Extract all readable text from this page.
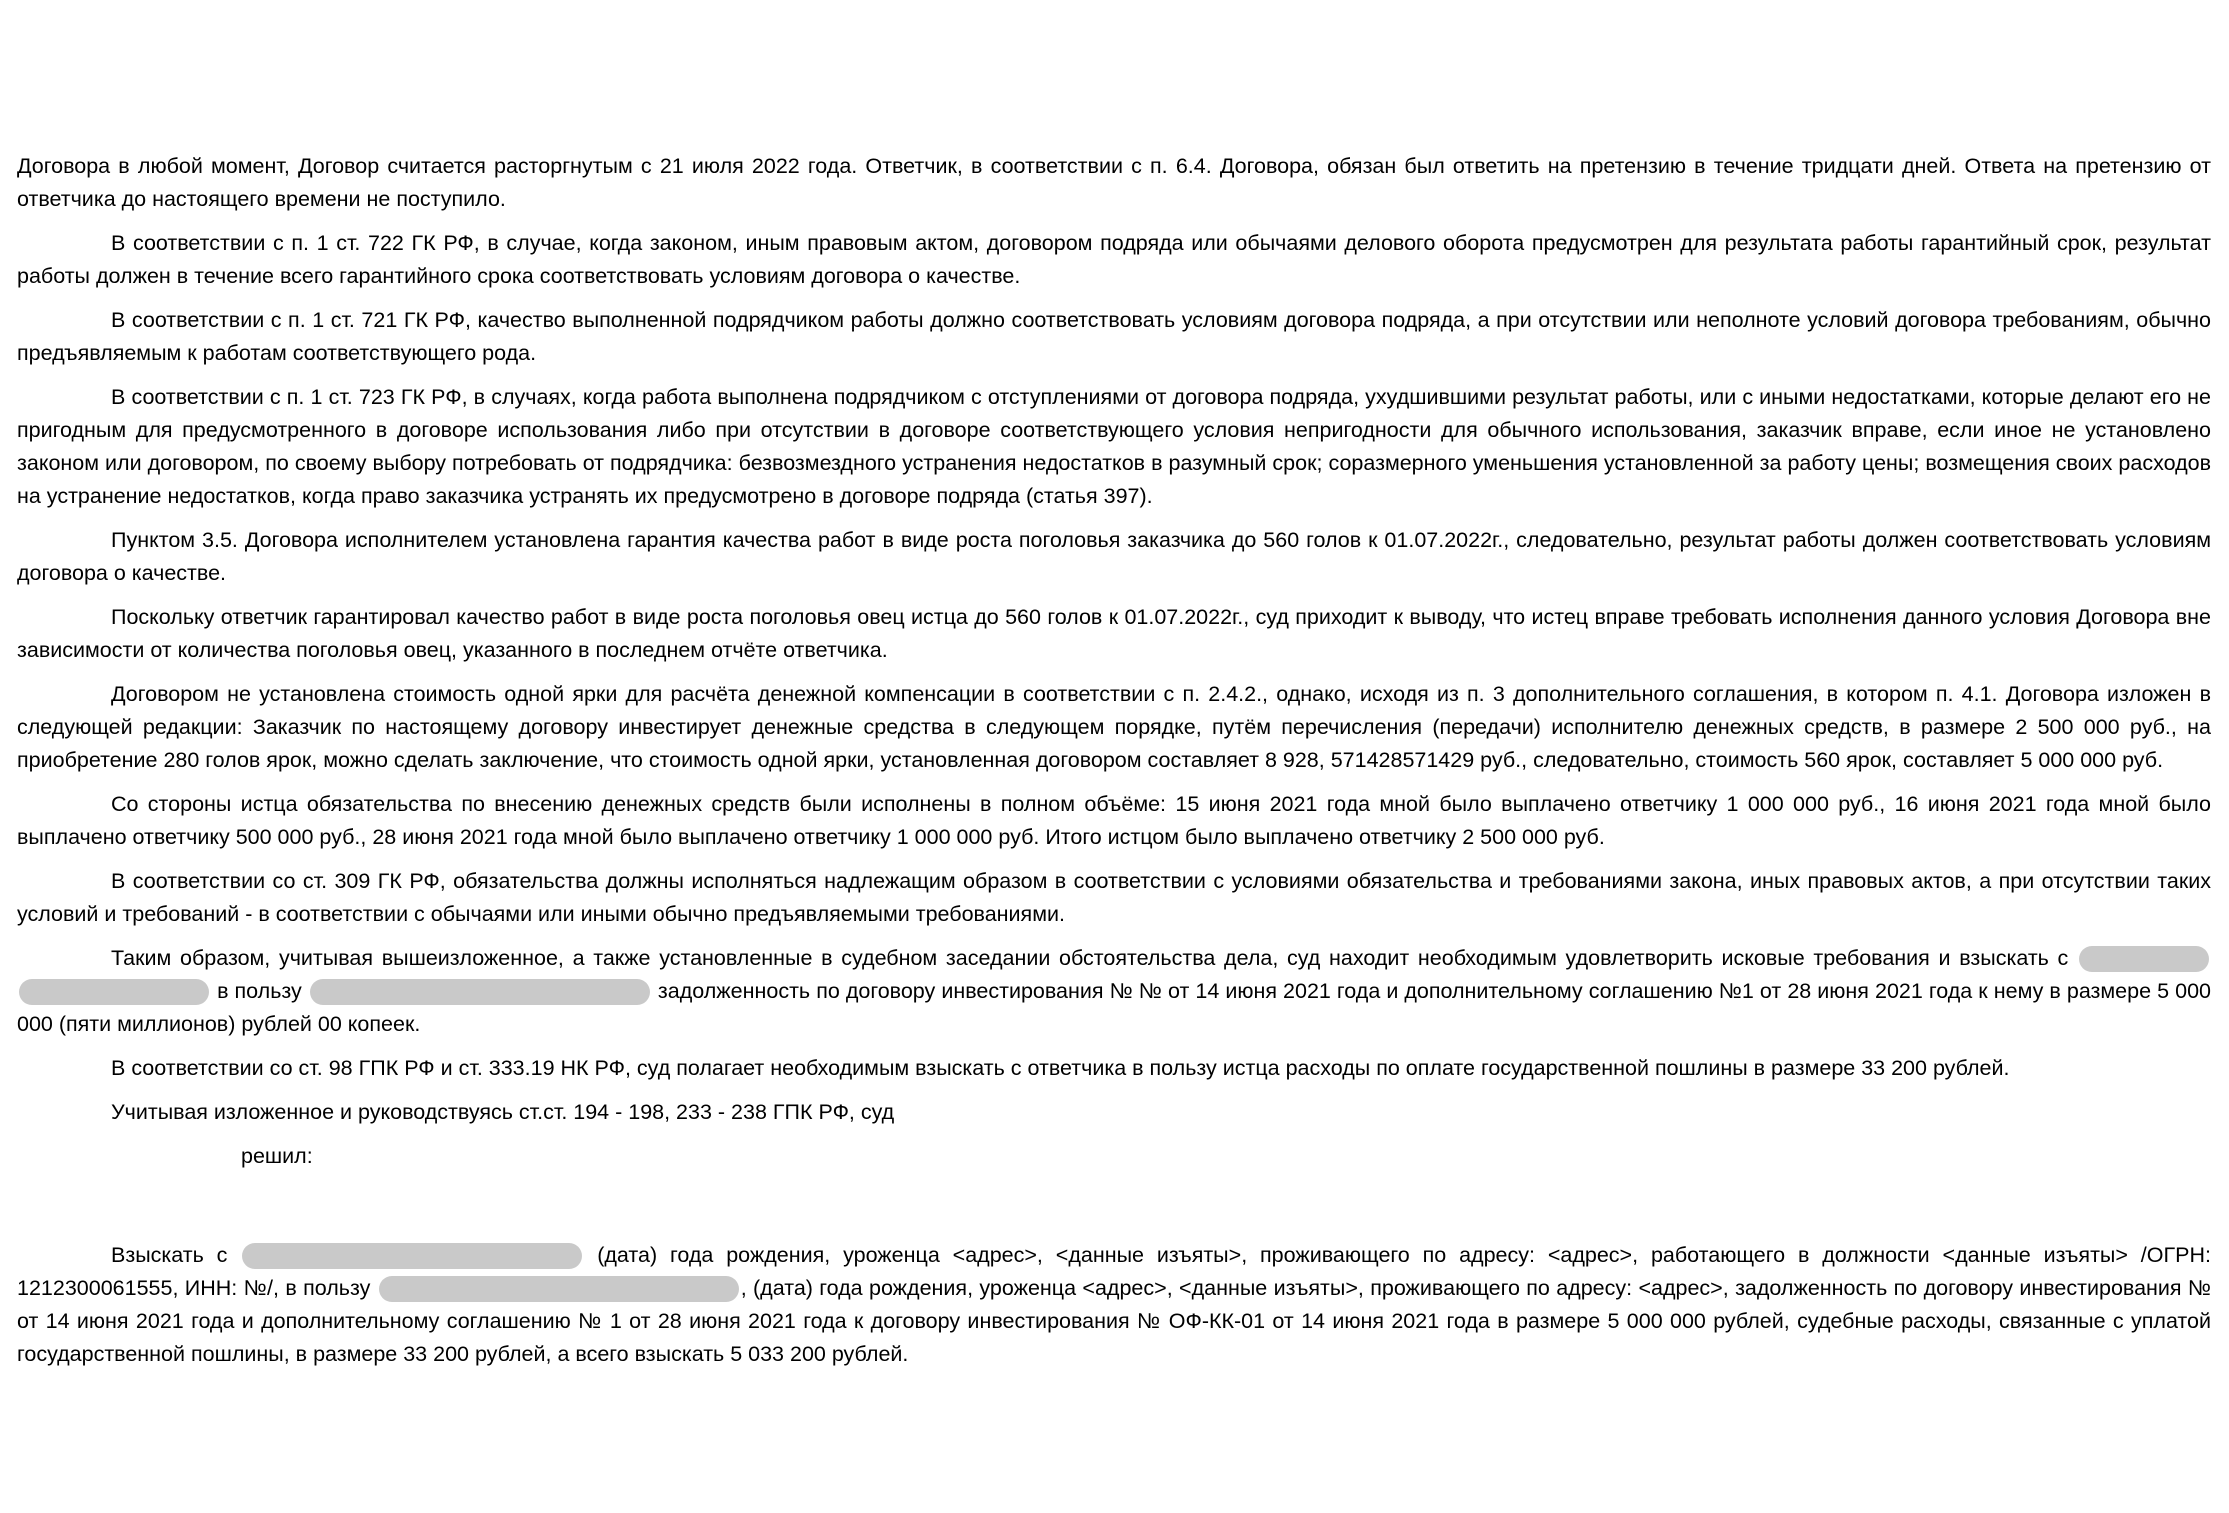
Договора в любой момент, Договор считается расторгнутым с 21 июля 2022 года. Ответчик, в соответствии с п. 6.4. Договора, обязан был ответить на претензию в течение тридцати дней. Ответа на претензию от ответчика до настоящего времени не поступило.

В соответствии с п. 1 ст. 722 ГК РФ, в случае, когда законом, иным правовым актом, договором подряда или обычаями делового оборота предусмотрен для результата работы гарантийный срок, результат работы должен в течение всего гарантийного срока соответствовать условиям договора о качестве.

В соответствии с п. 1 ст. 721 ГК РФ, качество выполненной подрядчиком работы должно соответствовать условиям договора подряда, а при отсутствии или неполноте условий договора требованиям, обычно предъявляемым к работам соответствующего рода.

В соответствии с п. 1 ст. 723 ГК РФ, в случаях, когда работа выполнена подрядчиком с отступлениями от договора подряда, ухудшившими результат работы, или с иными недостатками, которые делают его не пригодным для предусмотренного в договоре использования либо при отсутствии в договоре соответствующего условия непригодности для обычного использования, заказчик вправе, если иное не установлено законом или договором, по своему выбору потребовать от подрядчика: безвозмездного устранения недостатков в разумный срок; соразмерного уменьшения установленной за работу цены; возмещения своих расходов на устранение недостатков, когда право заказчика устранять их предусмотрено в договоре подряда (статья 397).

Пунктом 3.5. Договора исполнителем установлена гарантия качества работ в виде роста поголовья заказчика до 560 голов к 01.07.2022г., следовательно, результат работы должен соответствовать условиям договора о качестве.

Поскольку ответчик гарантировал качество работ в виде роста поголовья овец истца до 560 голов к 01.07.2022г., суд приходит к выводу, что истец вправе требовать исполнения данного условия Договора вне зависимости от количества поголовья овец, указанного в последнем отчёте ответчика.

Договором не установлена стоимость одной ярки для расчёта денежной компенсации в соответствии с п. 2.4.2., однако, исходя из п. 3 дополнительного соглашения, в котором п. 4.1. Договора изложен в следующей редакции: Заказчик по настоящему договору инвестирует денежные средства в следующем порядке, путём перечисления (передачи) исполнителю денежных средств, в размере 2 500 000 руб., на приобретение 280 голов ярок, можно сделать заключение, что стоимость одной ярки, установленная договором составляет 8 928, 571428571429 руб., следовательно, стоимость 560 ярок, составляет 5 000 000 руб.

Со стороны истца обязательства по внесению денежных средств были исполнены в полном объёме: 15 июня 2021 года мной было выплачено ответчику 1 000 000 руб., 16 июня 2021 года мной было выплачено ответчику 500 000 руб., 28 июня 2021 года мной было выплачено ответчику 1 000 000 руб. Итого истцом было выплачено ответчику 2 500 000 руб.

В соответствии со ст. 309 ГК РФ, обязательства должны исполняться надлежащим образом в соответствии с условиями обязательства и требованиями закона, иных правовых актов, а при отсутствии таких условий и требований - в соответствии с обычаями или иными обычно предъявляемыми требованиями.

Таким образом, учитывая вышеизложенное, а также установленные в судебном заседании обстоятельства дела, суд находит необходимым удовлетворить исковые требования и взыскать с   в пользу	задолженность по договору инвестирования № № от 14 июня 2021 года и дополнительному соглашению №1 от 28 июня 2021 года к нему в размере 5 000 000 (пяти миллионов) рублей 00 копеек.

В соответствии со ст. 98 ГПК РФ и ст. 333.19 НК РФ, суд полагает необходимым взыскать с ответчика в пользу истца расходы по оплате государственной пошлины в размере 33 200 рублей.

Учитывая изложенное и руководствуясь ст.ст. 194 - 198, 233 - 238 ГПК РФ, суд

решил:

Взыскать с	(дата) года рождения, уроженца <адрес>, <данные изъяты>, проживающего по адресу: <адрес>, работающего в должности <данные изъяты> /ОГРН: 1212300061555, ИНН: №/, в пользу	, (дата) года рождения, уроженца <адрес>, <данные изъяты>, проживающего по адресу: <адрес>, задолженность по договору инвестирования № от 14 июня 2021 года и дополнительному соглашению № 1 от 28 июня 2021 года к договору инвестирования № ОФ-КК-01 от 14 июня 2021 года в размере 5 000 000 рублей, судебные расходы, связанные с уплатой государственной пошлины, в размере 33 200 рублей, а всего взыскать 5 033 200 рублей.
